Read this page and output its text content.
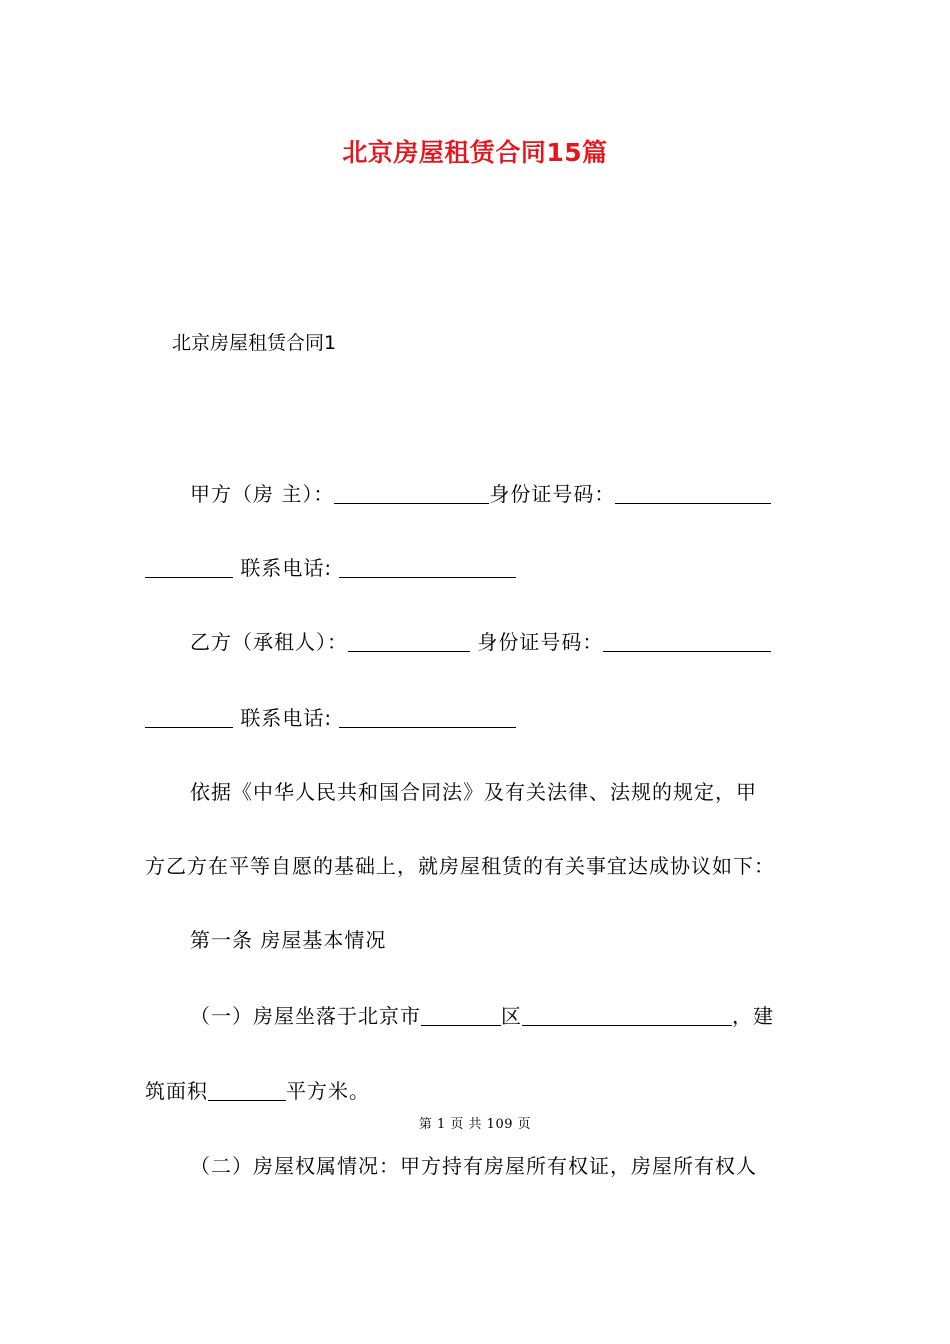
北京房屋租赁合同15篇
北京房屋租赁合同1
甲方（房 主）：	身份证号码：
联系电话:
乙方（承租人）：	身份证号码：
联系电话:
依据《中华人民共和国合同法》及有关法律、法规的规定，甲
方乙方在平等自愿的基础上，就房屋租赁的有关事宜达成协议如下：
第一条 房屋基本情况
（一）房屋坐落于北京市	区	，建
筑面积	平方米。
第 1 页 共 109 页
（二）房屋权属情况：甲方持有房屋所有权证，房屋所有权人
